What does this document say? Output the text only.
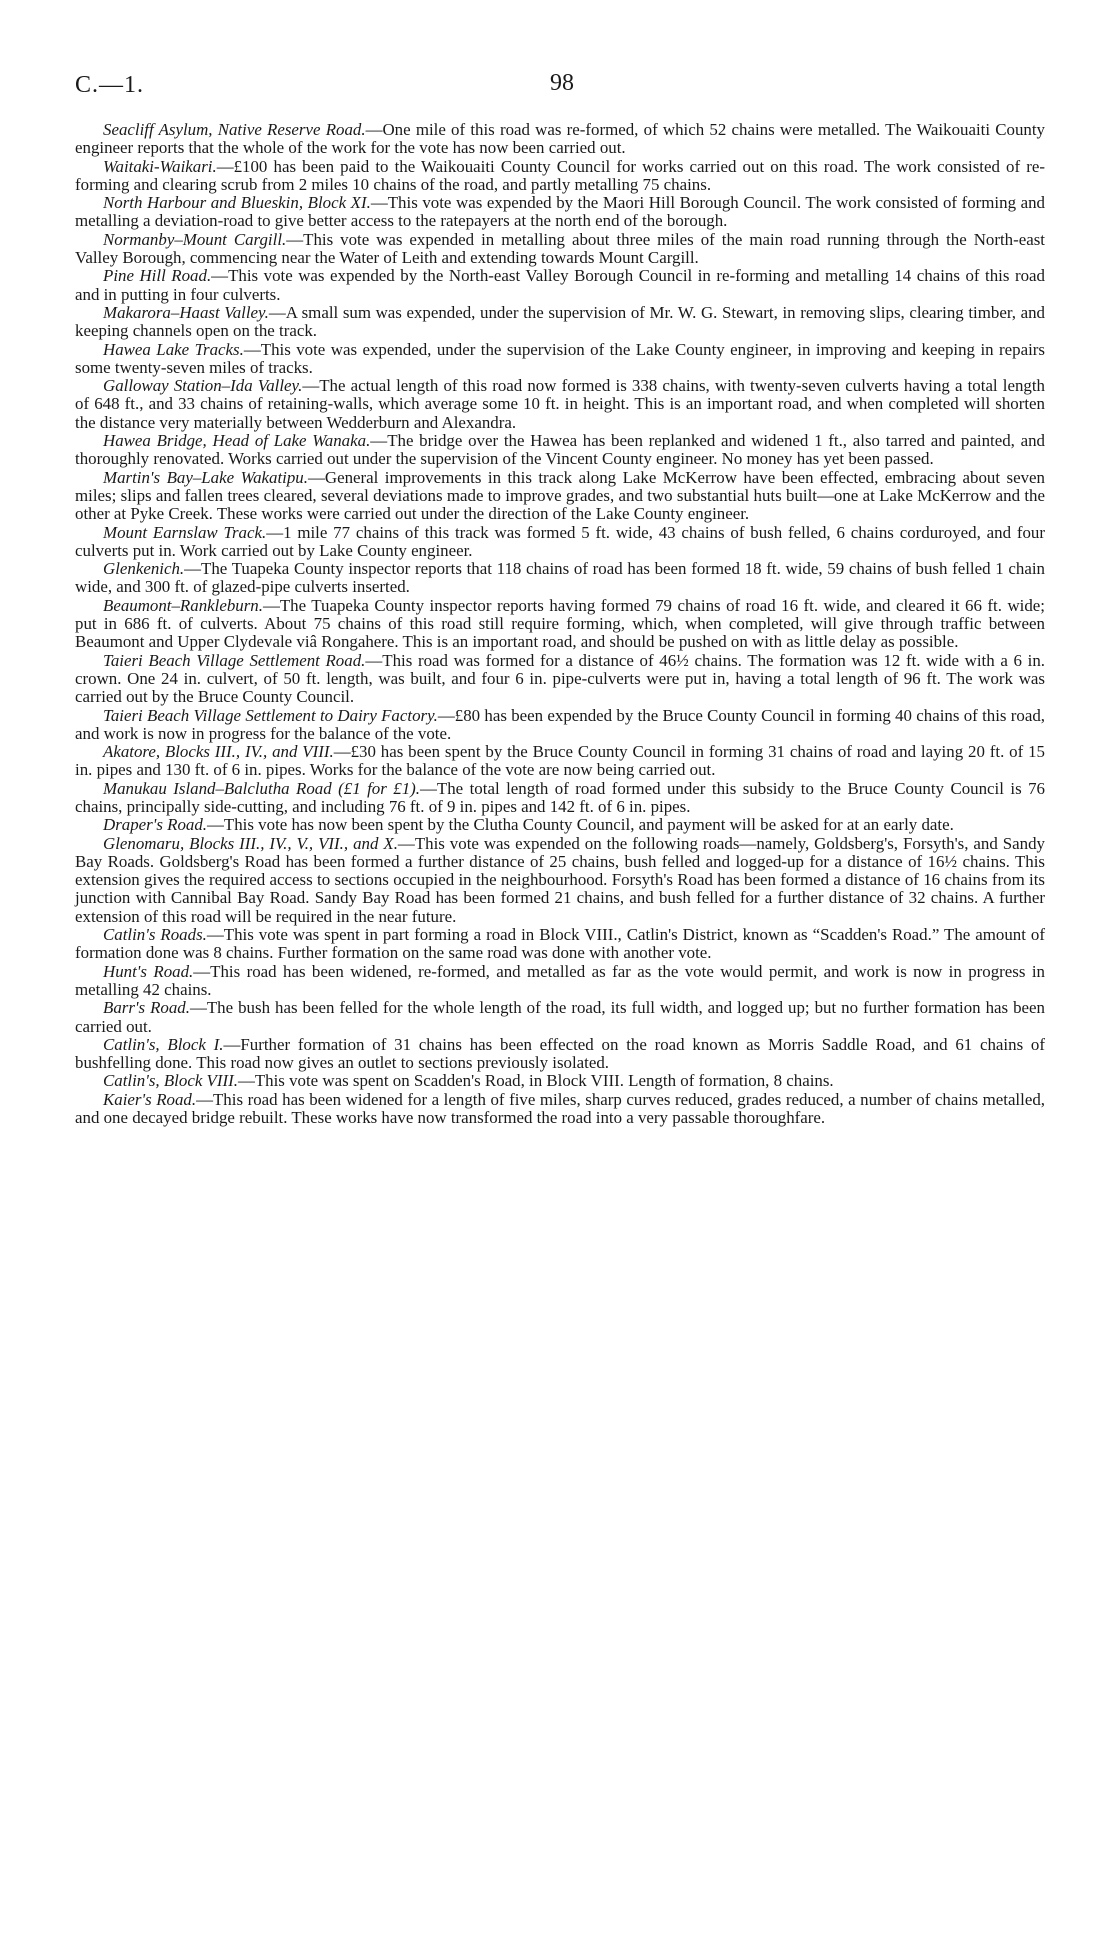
C.—1.	98

Seacliff Asylum, Native Reserve Road.—One mile of this road was re-formed, of which 52 chains were metalled. The Waikouaiti County engineer reports that the whole of the work for the vote has now been carried out.

Waitaki-Waikari.—£100 has been paid to the Waikouaiti County Council for works carried out on this road. The work consisted of re-forming and clearing scrub from 2 miles 10 chains of the road, and partly metalling 75 chains.

North Harbour and Blueskin, Block XI.—This vote was expended by the Maori Hill Borough Council. The work consisted of forming and metalling a deviation-road to give better access to the ratepayers at the north end of the borough.

Normanby–Mount Cargill.—This vote was expended in metalling about three miles of the main road running through the North-east Valley Borough, commencing near the Water of Leith and extending towards Mount Cargill.

Pine Hill Road.—This vote was expended by the North-east Valley Borough Council in re-forming and metalling 14 chains of this road and in putting in four culverts.

Makarora–Haast Valley.—A small sum was expended, under the supervision of Mr. W. G. Stewart, in removing slips, clearing timber, and keeping channels open on the track.

Hawea Lake Tracks.—This vote was expended, under the supervision of the Lake County engineer, in improving and keeping in repairs some twenty-seven miles of tracks.

Galloway Station–Ida Valley.—The actual length of this road now formed is 338 chains, with twenty-seven culverts having a total length of 648 ft., and 33 chains of retaining-walls, which average some 10 ft. in height. This is an important road, and when completed will shorten the distance very materially between Wedderburn and Alexandra.

Hawea Bridge, Head of Lake Wanaka.—The bridge over the Hawea has been replanked and widened 1 ft., also tarred and painted, and thoroughly renovated. Works carried out under the supervision of the Vincent County engineer. No money has yet been passed.

Martin's Bay–Lake Wakatipu.—General improvements in this track along Lake McKerrow have been effected, embracing about seven miles; slips and fallen trees cleared, several deviations made to improve grades, and two substantial huts built—one at Lake McKerrow and the other at Pyke Creek. These works were carried out under the direction of the Lake County engineer.

Mount Earnslaw Track.—1 mile 77 chains of this track was formed 5 ft. wide, 43 chains of bush felled, 6 chains corduroyed, and four culverts put in. Work carried out by Lake County engineer.

Glenkenich.—The Tuapeka County inspector reports that 118 chains of road has been formed 18 ft. wide, 59 chains of bush felled 1 chain wide, and 300 ft. of glazed-pipe culverts inserted.

Beaumont–Rankleburn.—The Tuapeka County inspector reports having formed 79 chains of road 16 ft. wide, and cleared it 66 ft. wide; put in 686 ft. of culverts. About 75 chains of this road still require forming, which, when completed, will give through traffic between Beaumont and Upper Clydevale viâ Rongahere. This is an important road, and should be pushed on with as little delay as possible.

Taieri Beach Village Settlement Road.—This road was formed for a distance of 46½ chains. The formation was 12 ft. wide with a 6 in. crown. One 24 in. culvert, of 50 ft. length, was built, and four 6 in. pipe-culverts were put in, having a total length of 96 ft. The work was carried out by the Bruce County Council.

Taieri Beach Village Settlement to Dairy Factory.—£80 has been expended by the Bruce County Council in forming 40 chains of this road, and work is now in progress for the balance of the vote.

Akatore, Blocks III., IV., and VIII.—£30 has been spent by the Bruce County Council in forming 31 chains of road and laying 20 ft. of 15 in. pipes and 130 ft. of 6 in. pipes. Works for the balance of the vote are now being carried out.

Manukau Island–Balclutha Road (£1 for £1).—The total length of road formed under this subsidy to the Bruce County Council is 76 chains, principally side-cutting, and including 76 ft. of 9 in. pipes and 142 ft. of 6 in. pipes.

Draper's Road.—This vote has now been spent by the Clutha County Council, and payment will be asked for at an early date.

Glenomaru, Blocks III., IV., V., VII., and X.—This vote was expended on the following roads—namely, Goldsberg's, Forsyth's, and Sandy Bay Roads. Goldsberg's Road has been formed a further distance of 25 chains, bush felled and logged-up for a distance of 16½ chains. This extension gives the required access to sections occupied in the neighbourhood. Forsyth's Road has been formed a distance of 16 chains from its junction with Cannibal Bay Road. Sandy Bay Road has been formed 21 chains, and bush felled for a further distance of 32 chains. A further extension of this road will be required in the near future.

Catlin's Roads.—This vote was spent in part forming a road in Block VIII., Catlin's District, known as “Scadden's Road.” The amount of formation done was 8 chains. Further formation on the same road was done with another vote.

Hunt's Road.—This road has been widened, re-formed, and metalled as far as the vote would permit, and work is now in progress in metalling 42 chains.

Barr's Road.—The bush has been felled for the whole length of the road, its full width, and logged up; but no further formation has been carried out.

Catlin's, Block I.—Further formation of 31 chains has been effected on the road known as Morris Saddle Road, and 61 chains of bushfelling done. This road now gives an outlet to sections previously isolated.

Catlin's, Block VIII.—This vote was spent on Scadden's Road, in Block VIII. Length of formation, 8 chains.

Kaier's Road.—This road has been widened for a length of five miles, sharp curves reduced, grades reduced, a number of chains metalled, and one decayed bridge rebuilt. These works have now transformed the road into a very passable thoroughfare.
